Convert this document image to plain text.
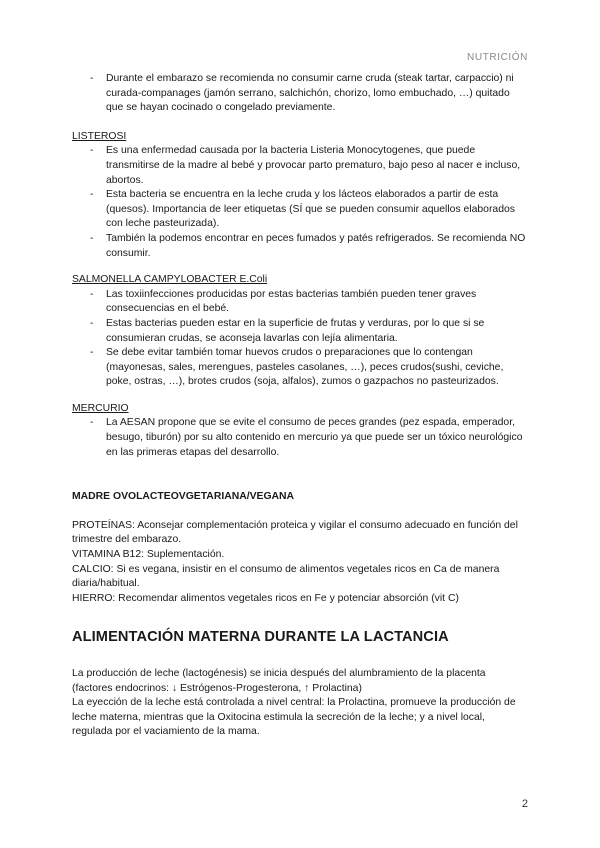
NUTRICIÓN
- Durante el embarazo se recomienda no consumir carne cruda (steak tartar, carpaccio) ni curada-companages (jamón serrano, salchichón, chorizo, lomo embuchado, …) quitado que se hayan cocinado o congelado previamente.
LISTEROSI
- Es una enfermedad causada por la bacteria Listeria Monocytogenes, que puede transmitirse de la madre al bebé y provocar parto prematuro, bajo peso al nacer e incluso, abortos.
- Esta bacteria se encuentra en la leche cruda y los lácteos elaborados a partir de esta (quesos). Importancia de leer etiquetas (SÍ que se pueden consumir aquellos elaborados con leche pasteurizada).
- También la podemos encontrar en peces fumados y patés refrigerados. Se recomienda NO consumir.
SALMONELLA CAMPYLOBACTER E.Coli
- Las toxiinfecciones producidas por estas bacterias también pueden tener graves consecuencias en el bebé.
- Estas bacterias pueden estar en la superficie de frutas y verduras, por lo que si se consumieran crudas, se aconseja lavarlas con lejía alimentaria.
- Se debe evitar también tomar huevos crudos o preparaciones que lo contengan (mayonesas, sales, merengues, pasteles casolanes, …), peces crudos(sushi, ceviche, poke, ostras, …), brotes crudos (soja, alfalos), zumos o gazpachos no pasteurizados.
MERCURIO
- La AESAN propone que se evite el consumo de peces grandes (pez espada, emperador, besugo, tiburón) por su alto contenido en mercurio ya que puede ser un tóxico neurológico en las primeras etapas del desarrollo.
MADRE OVOLACTEOVGETARIANA/VEGANA

PROTEÍNAS: Aconsejar complementación proteica y vigilar el consumo adecuado en función del trimestre del embarazo.

VITAMINA B12: Suplementación.

CALCIO: Si es vegana, insistir en el consumo de alimentos vegetales ricos en Ca de manera diaria/habitual.

HIERRO: Recomendar alimentos vegetales ricos en Fe y potenciar absorción (vit C)

ALIMENTACIÓN MATERNA DURANTE LA LACTANCIA

La producción de leche (lactogénesis) se inicia después del alumbramiento de la placenta (factores endocrinos: ↓ Estrógenos-Progesterona, ↑ Prolactina)

La eyección de la leche está controlada a nivel central: la Prolactina, promueve la producción de leche materna, mientras que la Oxitocina estimula la secreción de la leche; y a nivel local, regulada por el vaciamiento de la mama.

2
